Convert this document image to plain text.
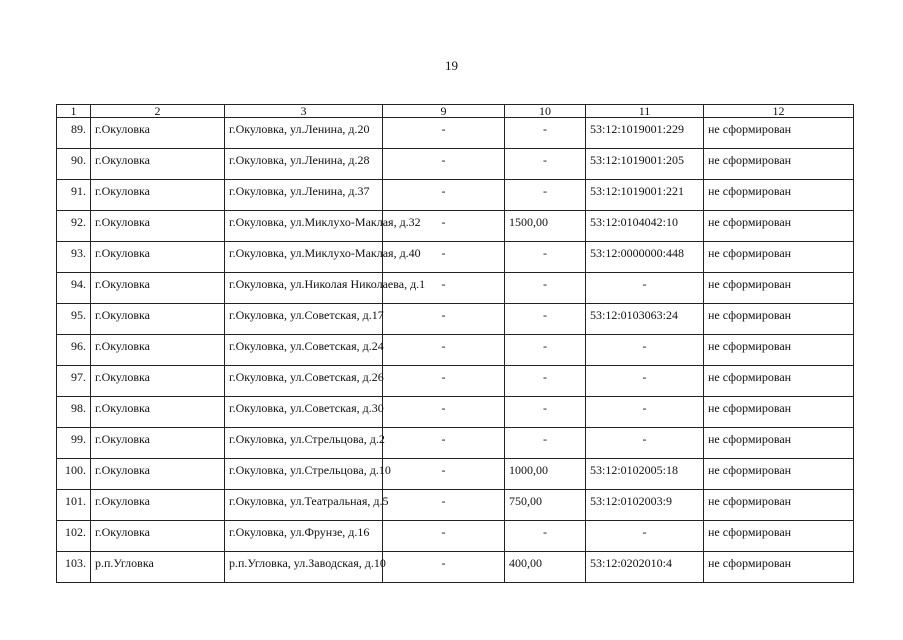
19
1	2	3	9	10	11	12
89.	г.Окуловка	г.Окуловка, ул.Ленина, д.20	-	-	53:12:1019001:229	не сформирован
90.	г.Окуловка	г.Окуловка, ул.Ленина, д.28	-	-	53:12:1019001:205	не сформирован
91.	г.Окуловка	г.Окуловка, ул.Ленина, д.37	-	-	53:12:1019001:221	не сформирован
92.	г.Окуловка	г.Окуловка, ул.Миклухо-Маклая, д.32	-	1500,00	53:12:0104042:10	не сформирован
93.	г.Окуловка	г.Окуловка, ул.Миклухо-Маклая, д.40	-	-	53:12:0000000:448	не сформирован
94.	г.Окуловка	г.Окуловка, ул.Николая Николаева, д.1	-	-	-	не сформирован
95.	г.Окуловка	г.Окуловка, ул.Советская, д.17	-	-	53:12:0103063:24	не сформирован
96.	г.Окуловка	г.Окуловка, ул.Советская, д.24	-	-	-	не сформирован
97.	г.Окуловка	г.Окуловка, ул.Советская, д.26	-	-	-	не сформирован
98.	г.Окуловка	г.Окуловка, ул.Советская, д.30	-	-	-	не сформирован
99.	г.Окуловка	г.Окуловка, ул.Стрельцова, д.2	-	-	-	не сформирован
100.	г.Окуловка	г.Окуловка, ул.Стрельцова, д.10	-	1000,00	53:12:0102005:18	не сформирован
101.	г.Окуловка	г.Окуловка, ул.Театральная, д.5	-	750,00	53:12:0102003:9	не сформирован
102.	г.Окуловка	г.Окуловка, ул.Фрунзе, д.16	-	-	-	не сформирован
103.	р.п.Угловка	р.п.Угловка, ул.Заводская, д.10	-	400,00	53:12:0202010:4	не сформирован
